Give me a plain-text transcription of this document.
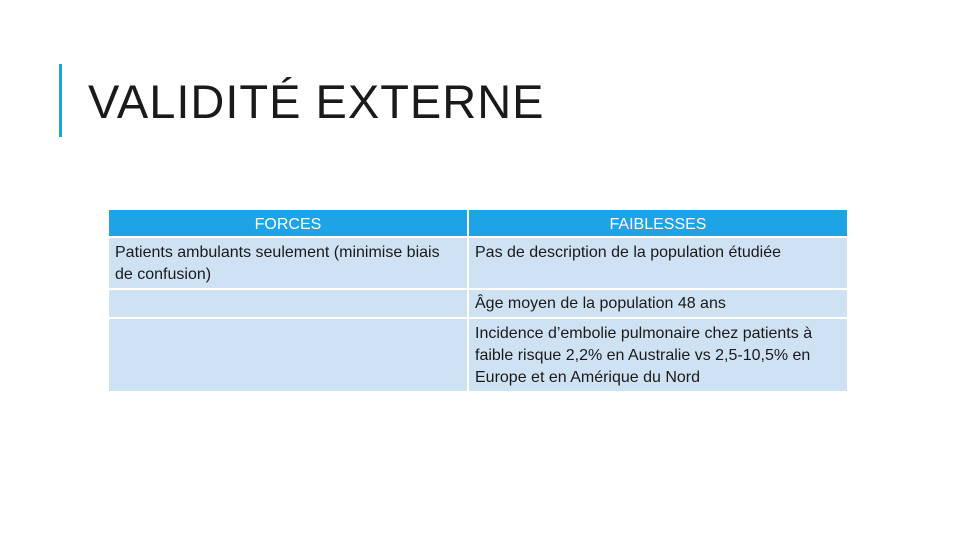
VALIDITÉ EXTERNE
FORCES	FAIBLESSES
Patients ambulants seulement (minimise biais de confusion)	Pas de description de la population étudiée
	Âge moyen de la population 48 ans
	Incidence d’embolie pulmonaire chez patients à faible risque 2,2% en Australie vs 2,5-10,5% en Europe et en Amérique du Nord
